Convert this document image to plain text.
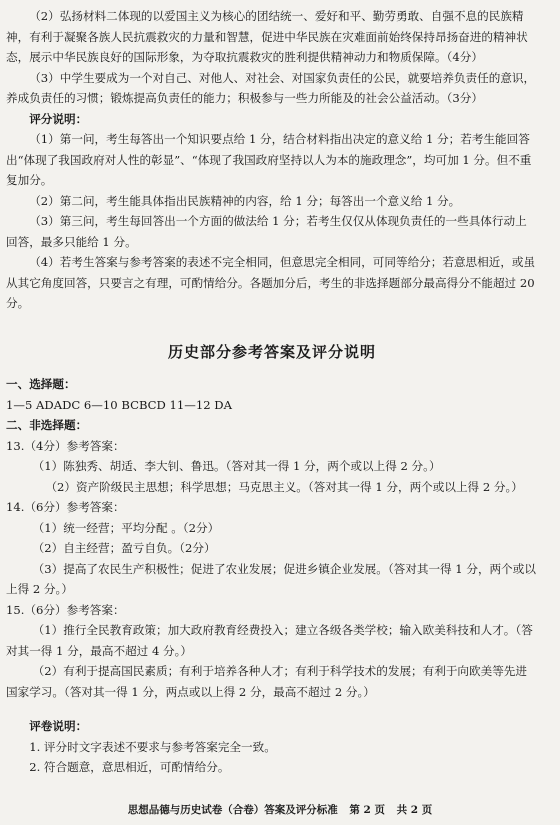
（2）弘扬材料二体现的以爱国主义为核心的团结统一、爱好和平、勤劳勇敢、自强不息的民族精神，有利于凝聚各族人民抗震救灾的力量和智慧，促进中华民族在灾难面前始终保持昂扬奋进的精神状态，展示中华民族良好的国际形象，为夺取抗震救灾的胜利提供精神动力和物质保障。（4分）

（3）中学生要成为一个对自己、对他人、对社会、对国家负责任的公民，就要培养负责任的意识，养成负责任的习惯；锻炼提高负责任的能力；积极参与一些力所能及的社会公益活动。（3分）

评分说明：

（1）第一问，考生每答出一个知识要点给 1 分，结合材料指出决定的意义给 1 分；若考生能回答出“体现了我国政府对人性的彰显”、“体现了我国政府坚持以人为本的施政理念”，均可加 1 分。但不重复加分。

（2）第二问，考生能具体指出民族精神的内容，给 1 分；每答出一个意义给 1 分。

（3）第三问，考生每回答出一个方面的做法给 1 分；若考生仅仅从体现负责任的一些具体行动上回答，最多只能给 1 分。

（4）若考生答案与参考答案的表述不完全相同，但意思完全相同，可同等给分；若意思相近，或虽从其它角度回答，只要言之有理，可酌情给分。各题加分后，考生的非选择题部分最高得分不能超过 20 分。

历史部分参考答案及评分说明

一、选择题：

1—5 ADADC 6—10 BCBCD 11—12 DA

二、非选择题：

13.（4分）参考答案：

（1）陈独秀、胡适、李大钊、鲁迅。（答对其一得 1 分，两个或以上得 2 分。）

（2）资产阶级民主思想；科学思想；马克思主义。（答对其一得 1 分，两个或以上得 2 分。）

14.（6分）参考答案：

（1）统一经营；平均分配 。（2分）

（2）自主经营；盈亏自负。（2分）

（3）提高了农民生产积极性；促进了农业发展；促进乡镇企业发展。（答对其一得 1 分，两个或以上得 2 分。）

15.（6分）参考答案：

（1）推行全民教育政策；加大政府教育经费投入；建立各级各类学校；输入欧美科技和人才。（答对其一得 1 分，最高不超过 4 分。）

（2）有利于提高国民素质；有利于培养各种人才；有利于科学技术的发展；有利于向欧美等先进国家学习。（答对其一得 1 分，两点或以上得 2 分，最高不超过 2 分。）

评卷说明：

1. 评分时文字表述不要求与参考答案完全一致。

2. 符合题意，意思相近，可酌情给分。

思想品德与历史试卷（合卷）答案及评分标准 第 2 页 共 2 页
